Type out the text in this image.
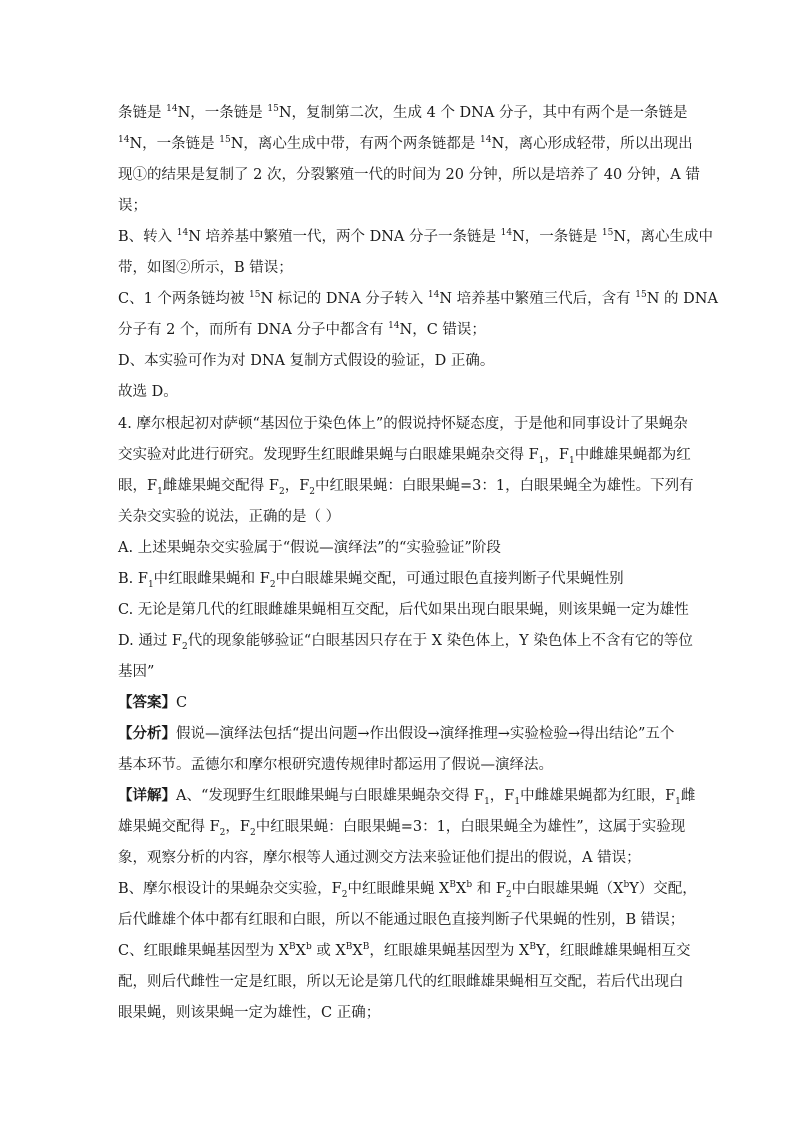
条链是 $^{14}$N，一条链是 $^{15}$N，复制第二次，生成 4 个 DNA 分子，其中有两个是一条链是
$^{14}$N，一条链是 $^{15}$N，离心生成中带，有两个两条链都是 $^{14}$N，离心形成轻带，所以出现出
现①的结果是复制了 2 次，分裂繁殖一代的时间为 20 分钟，所以是培养了 40 分钟，A 错
误；
B、转入 $^{14}$N 培养基中繁殖一代，两个 DNA 分子一条链是 $^{14}$N，一条链是 $^{15}$N，离心生成中
带，如图②所示，B 错误；
C、1 个两条链均被 $^{15}$N 标记的 DNA 分子转入 $^{14}$N 培养基中繁殖三代后，含有 $^{15}$N 的 DNA
分子有 2 个，而所有 DNA 分子中都含有 $^{14}$N，C 错误；
D、本实验可作为对 DNA 复制方式假设的验证，D 正确。
故选 D。
4. 摩尔根起初对萨顿“基因位于染色体上”的假说持怀疑态度，于是他和同事设计了果蝇杂
交实验对此进行研究。发现野生红眼雌果蝇与白眼雄果蝇杂交得 $F_1$，$F_1$中雌雄果蝇都为红
眼，$F_1$雌雄果蝇交配得 $F_2$，$F_2$中红眼果蝇：白眼果蝇=3：1，白眼果蝇全为雄性。下列有
关杂交实验的说法，正确的是（ ）
A. 上述果蝇杂交实验属于“假说—演绎法”的“实验验证”阶段
B. $F_1$中红眼雌果蝇和 $F_2$中白眼雄果蝇交配，可通过眼色直接判断子代果蝇性别
C. 无论是第几代的红眼雌雄果蝇相互交配，后代如果出现白眼果蝇，则该果蝇一定为雄性
D. 通过 $F_2$代的现象能够验证“白眼基因只存在于 X 染色体上，Y 染色体上不含有它的等位
基因”
【答案】C
【分析】假说—演绎法包括“提出问题→作出假设→演绎推理→实验检验→得出结论”五个
基本环节。孟德尔和摩尔根研究遗传规律时都运用了假说—演绎法。
【详解】A、“发现野生红眼雌果蝇与白眼雄果蝇杂交得 $F_1$，$F_1$中雌雄果蝇都为红眼，$F_1$雌
雄果蝇交配得 $F_2$，$F_2$中红眼果蝇：白眼果蝇=3：1，白眼果蝇全为雄性”，这属于实验现
象，观察分析的内容，摩尔根等人通过测交方法来验证他们提出的假说，A 错误；
B、摩尔根设计的果蝇杂交实验，$F_2$中红眼雌果蝇 $X^BX^b$ 和 $F_2$中白眼雄果蝇$(X^bY)$交配，
后代雌雄个体中都有红眼和白眼，所以不能通过眼色直接判断子代果蝇的性别，B 错误；
C、红眼雌果蝇基因型为 $X^BX^b$ 或 $X^BX^B$，红眼雄果蝇基因型为 $X^BY$，红眼雌雄果蝇相互交
配，则后代雌性一定是红眼，所以无论是第几代的红眼雌雄果蝇相互交配，若后代出现白
眼果蝇，则该果蝇一定为雄性，C 正确；
